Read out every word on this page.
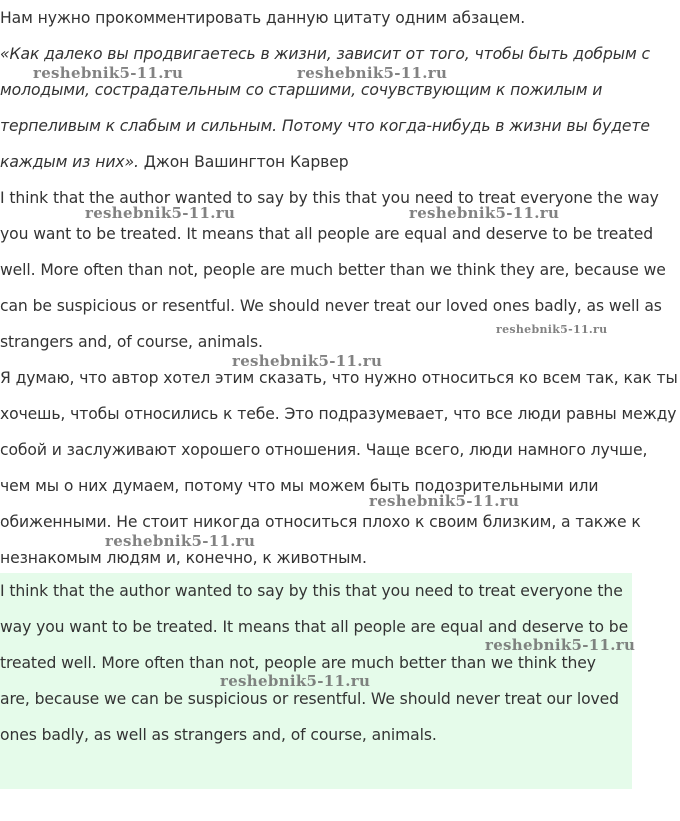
Нам нужно прокомментировать данную цитату одним абзацем.

«Как далеко вы продвигаетесь в жизни, зависит от того, чтобы быть добрым с молодыми, сострадательным со старшими, сочувствующим к пожилым и терпеливым к слабым и сильным. Потому что когда-нибудь в жизни вы будете каждым из них». Джон Вашингтон Карвер

I think that the author wanted to say by this that you need to treat everyone the way you want to be treated. It means that all people are equal and deserve to be treated well. More often than not, people are much better than we think they are, because we can be suspicious or resentful. We should never treat our loved ones badly, as well as strangers and, of course, animals.

Я думаю, что автор хотел этим сказать, что нужно относиться ко всем так, как ты хочешь, чтобы относились к тебе. Это подразумевает, что все люди равны между собой и заслуживают хорошего отношения. Чаще всего, люди намного лучше, чем мы о них думаем, потому что мы можем быть подозрительными или обиженными. Не стоит никогда относиться плохо к своим близким, а также к незнакомым людям и, конечно, к животным.

I think that the author wanted to say by this that you need to treat everyone the way you want to be treated. It means that all people are equal and deserve to be treated well. More often than not, people are much better than we think they are, because we can be suspicious or resentful. We should never treat our loved ones badly, as well as strangers and, of course, animals.

reshebnik5-11.ru	reshebnik5-11.ru
reshebnik5-11.ru	reshebnik5-11.ru
reshebnik5-11.ru
reshebnik5-11.ru
reshebnik5-11.ru
reshebnik5-11.ru
reshebnik5-11.ru
reshebnik5-11.ru
